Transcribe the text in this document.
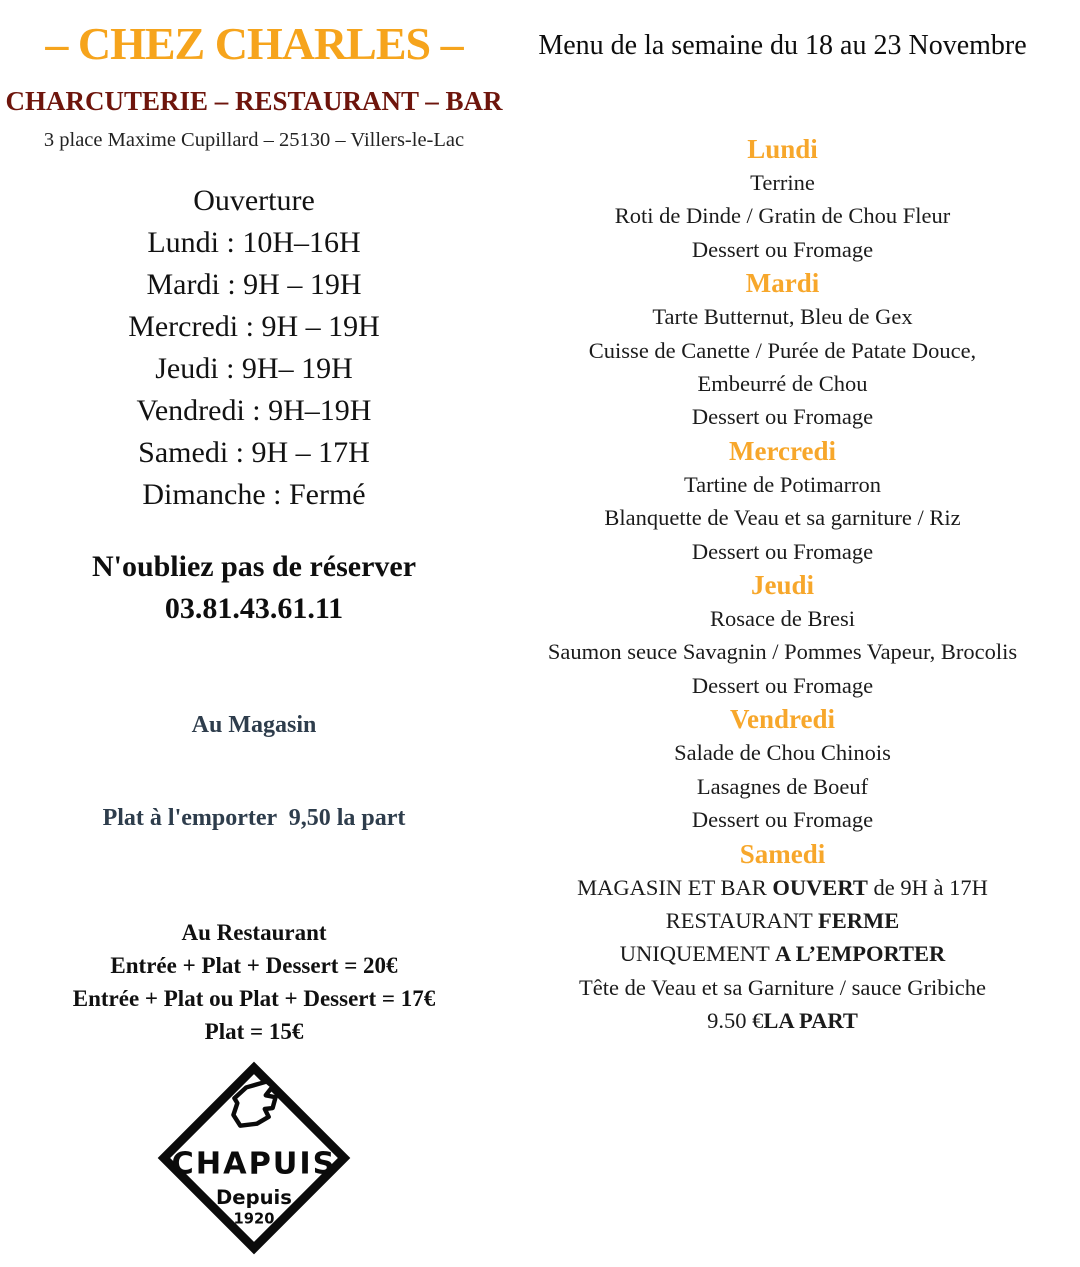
– CHEZ CHARLES –
CHARCUTERIE – RESTAURANT – BAR
3 place Maxime Cupillard – 25130 – Villers-le-Lac
Ouverture
Lundi : 10H–16H
Mardi : 9H – 19H
Mercredi : 9H – 19H
Jeudi : 9H– 19H
Vendredi : 9H–19H
Samedi : 9H – 17H
Dimanche : Fermé
N'oubliez pas de réserver
03.81.43.61.11

Au Magasin

Plat à l'emporter  9,50 la part

Au Restaurant
Entrée + Plat + Dessert = 20€
Entrée + Plat ou Plat + Dessert = 17€
Plat = 15€
CHAPUIS
Depuis
1920
Menu de la semaine du 18 au 23 Novembre
Lundi
Terrine
Roti de Dinde / Gratin de Chou Fleur
Dessert ou Fromage
Mardi
Tarte Butternut, Bleu de Gex
Cuisse de Canette / Purée de Patate Douce,
Embeurré de Chou
Dessert ou Fromage
Mercredi
Tartine de Potimarron
Blanquette de Veau et sa garniture / Riz
Dessert ou Fromage
Jeudi
Rosace de Bresi
Saumon seuce Savagnin / Pommes Vapeur, Brocolis
Dessert ou Fromage
Vendredi
Salade de Chou Chinois
Lasagnes de Boeuf
Dessert ou Fromage
Samedi
MAGASIN ET BAR OUVERT de 9H à 17H
RESTAURANT FERME
UNIQUEMENT A L’EMPORTER
Tête de Veau et sa Garniture / sauce Gribiche
9.50 €LA PART
